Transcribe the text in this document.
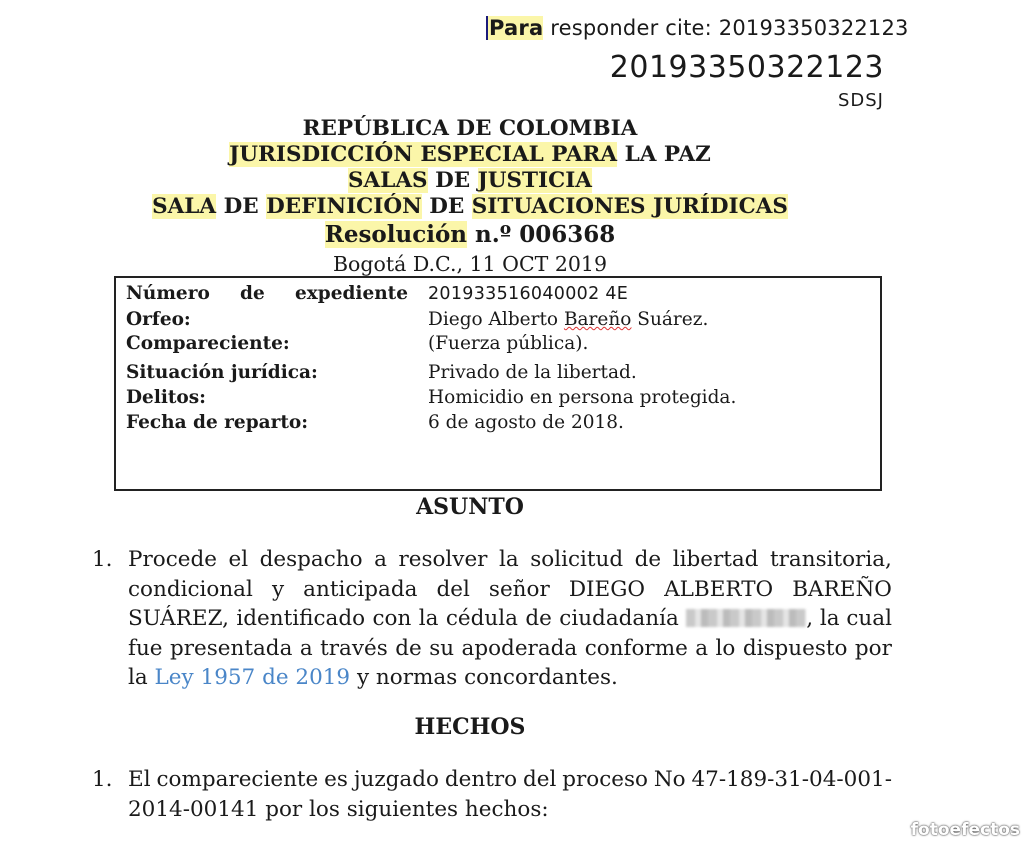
Para responder cite: 20193350322123
20193350322123
SDSJ
REPÚBLICA DE COLOMBIA
JURISDICCIÓN ESPECIAL PARA LA PAZ
SALAS DE JUSTICIA
SALA DE DEFINICIÓN DE SITUACIONES JURÍDICAS
Resolución n.º 006368
Bogotá D.C., 11 OCT 2019
Número de expediente 201933516040002 4E
Orfeo:	Diego Alberto Bareño Suárez.
Compareciente:	(Fuerza pública).
Situación jurídica:	Privado de la libertad.
Delitos:	Homicidio en persona protegida.
Fecha de reparto:	6 de agosto de 2018.
ASUNTO
1. Procede el despacho a resolver la solicitud de libertad transitoria,
condicional y anticipada del señor DIEGO ALBERTO BAREÑO
SUÁREZ, identificado con la cédula de ciudadanía	, la cual
fue presentada a través de su apoderada conforme a lo dispuesto por
la Ley 1957 de 2019 y normas concordantes.
HECHOS
1. El compareciente es juzgado dentro del proceso No 47-189-31-04-001-
2014-00141 por los siguientes hechos:
fotoefectos
